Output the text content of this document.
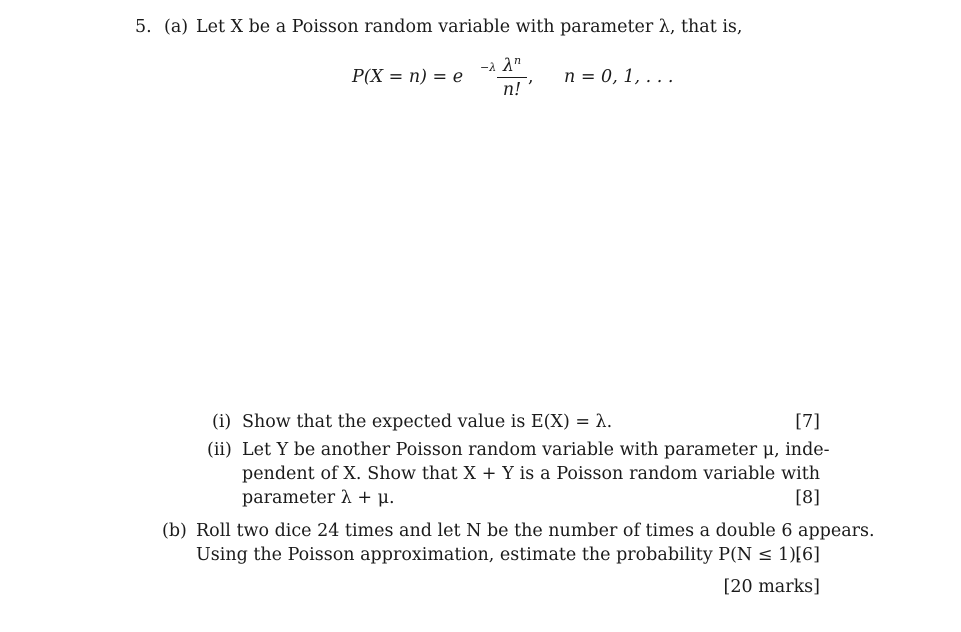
5. (a) Let X be a Poisson random variable with parameter λ, that is,
P(X = n) = e −λ $\lambda^n$
n!
, n = 0, 1, . . .
(i) Show that the expected value is E(X) = λ.	[7]
(ii) Let Y be another Poisson random variable with parameter μ, inde-
pendent of X. Show that X + Y is a Poisson random variable with
parameter λ + μ.	[8]
(b) Roll two dice 24 times and let N be the number of times a double 6 appears.
Using the Poisson approximation, estimate the probability P(N ≤ 1).
[6]
[20 marks]
